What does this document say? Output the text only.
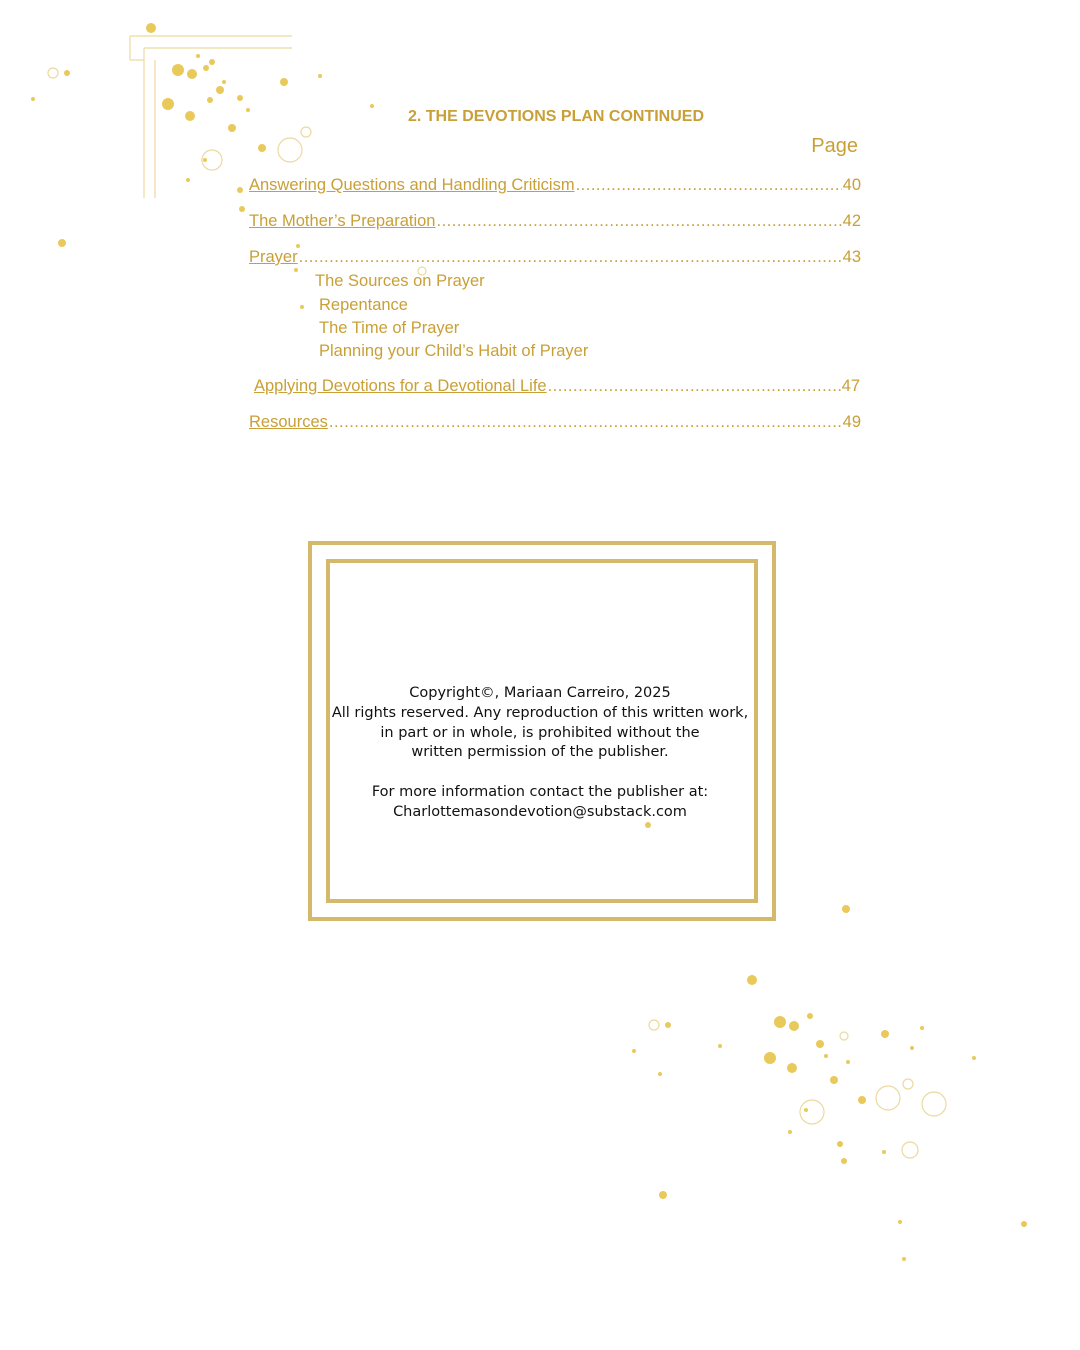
2. THE DEVOTIONS PLAN CONTINUED
Page
Answering Questions and Handling Criticism .....	40
The Mother’s Preparation .....	42
Prayer .....	43
The Sources on Prayer
Repentance
The Time of Prayer
Planning your Child’s Habit of Prayer
Applying Devotions for a Devotional Life .....	47
Resources .....	49
Copyright©, Mariaan Carreiro, 2025
All rights reserved. Any reproduction of this written work,
in part or in whole, is prohibited without the
written permission of the publisher.
For more information contact the publisher at:
Charlottemasondevotion@substack.com
